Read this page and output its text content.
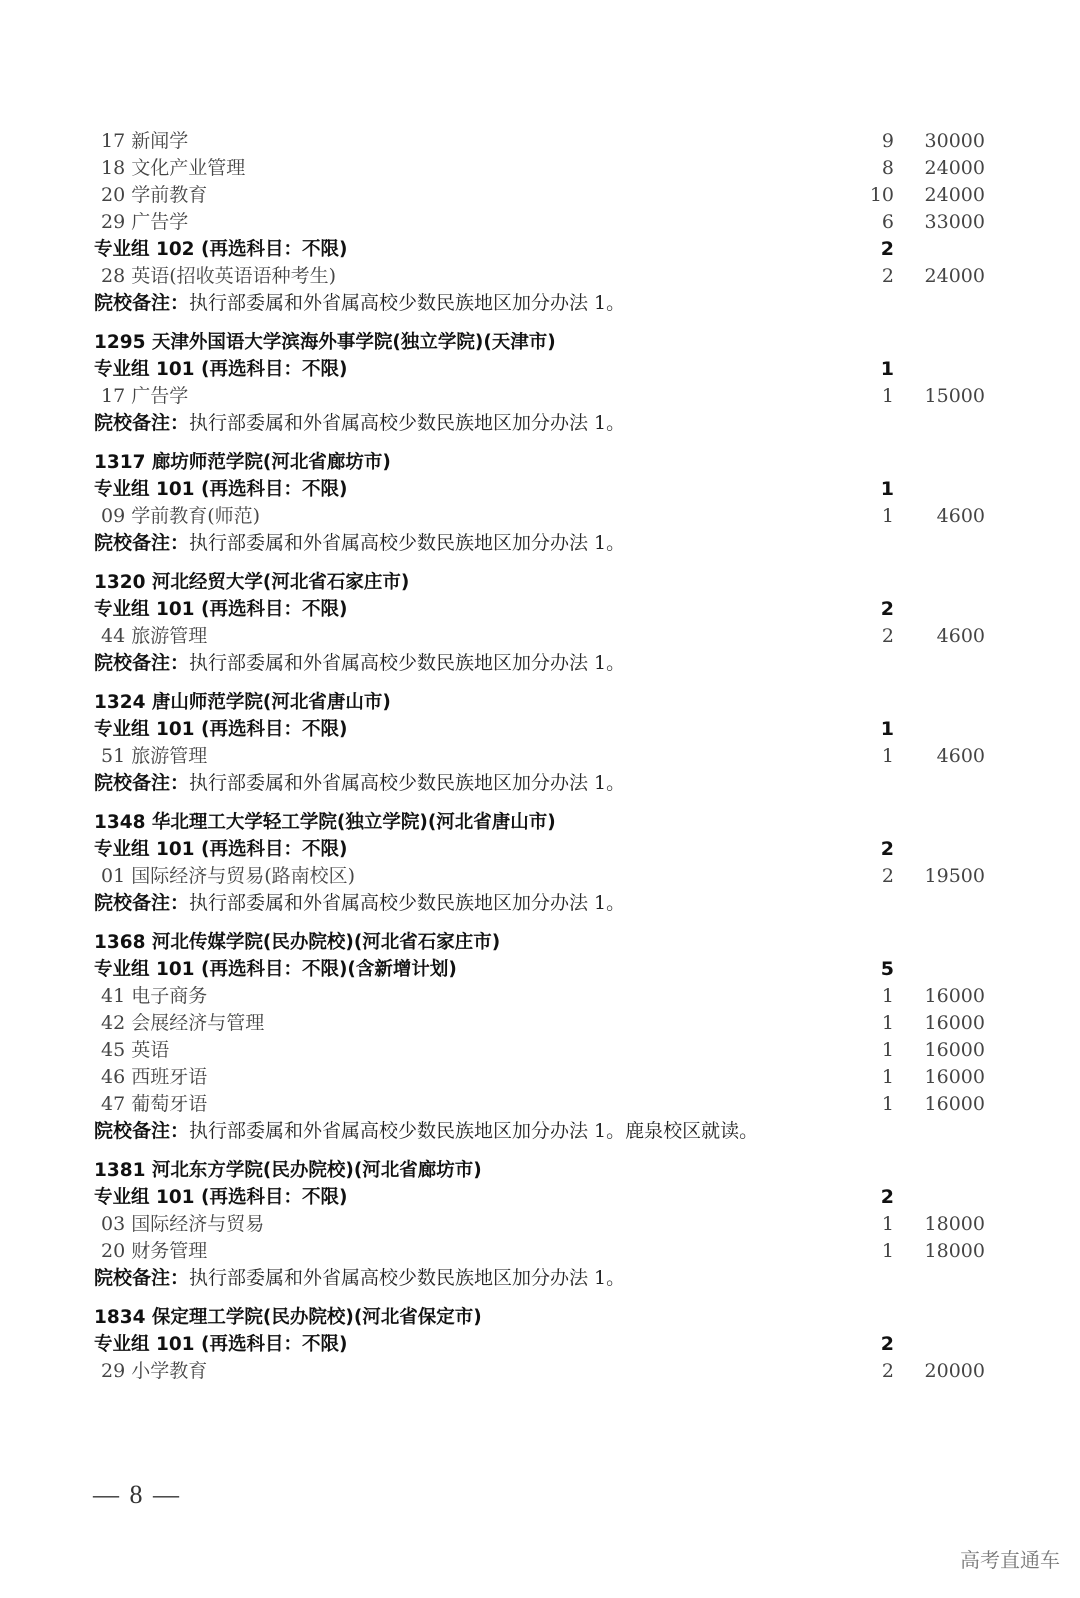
17 新闻学	9 30000
18 文化产业管理	8 24000
20 学前教育	10 24000
29 广告学	6 33000
专业组 102 (再选科目：不限)	2
28 英语(招收英语语种考生)	2 24000
院校备注：执行部委属和外省属高校少数民族地区加分办法 1。
1295 天津外国语大学滨海外事学院(独立学院)(天津市)
专业组 101 (再选科目：不限)	1
17 广告学	1 15000
院校备注：执行部委属和外省属高校少数民族地区加分办法 1。
1317 廊坊师范学院(河北省廊坊市)
专业组 101 (再选科目：不限)	1
09 学前教育(师范)	1 4600
院校备注：执行部委属和外省属高校少数民族地区加分办法 1。
1320 河北经贸大学(河北省石家庄市)
专业组 101 (再选科目：不限)	2
44 旅游管理	2 4600
院校备注：执行部委属和外省属高校少数民族地区加分办法 1。
1324 唐山师范学院(河北省唐山市)
专业组 101 (再选科目：不限)	1
51 旅游管理	1 4600
院校备注：执行部委属和外省属高校少数民族地区加分办法 1。
1348 华北理工大学轻工学院(独立学院)(河北省唐山市)
专业组 101 (再选科目：不限)	2
01 国际经济与贸易(路南校区)	2 19500
院校备注：执行部委属和外省属高校少数民族地区加分办法 1。
1368 河北传媒学院(民办院校)(河北省石家庄市)
专业组 101 (再选科目：不限)(含新增计划)	5
41 电子商务	1 16000
42 会展经济与管理	1 16000
45 英语	1 16000
46 西班牙语	1 16000
47 葡萄牙语	1 16000
院校备注：执行部委属和外省属高校少数民族地区加分办法 1。鹿泉校区就读。
1381 河北东方学院(民办院校)(河北省廊坊市)
专业组 101 (再选科目：不限)	2
03 国际经济与贸易	1 18000
20 财务管理	1 18000
院校备注：执行部委属和外省属高校少数民族地区加分办法 1。
1834 保定理工学院(民办院校)(河北省保定市)
专业组 101 (再选科目：不限)	2
29 小学教育	2 20000
— 8 —
高考直通车
